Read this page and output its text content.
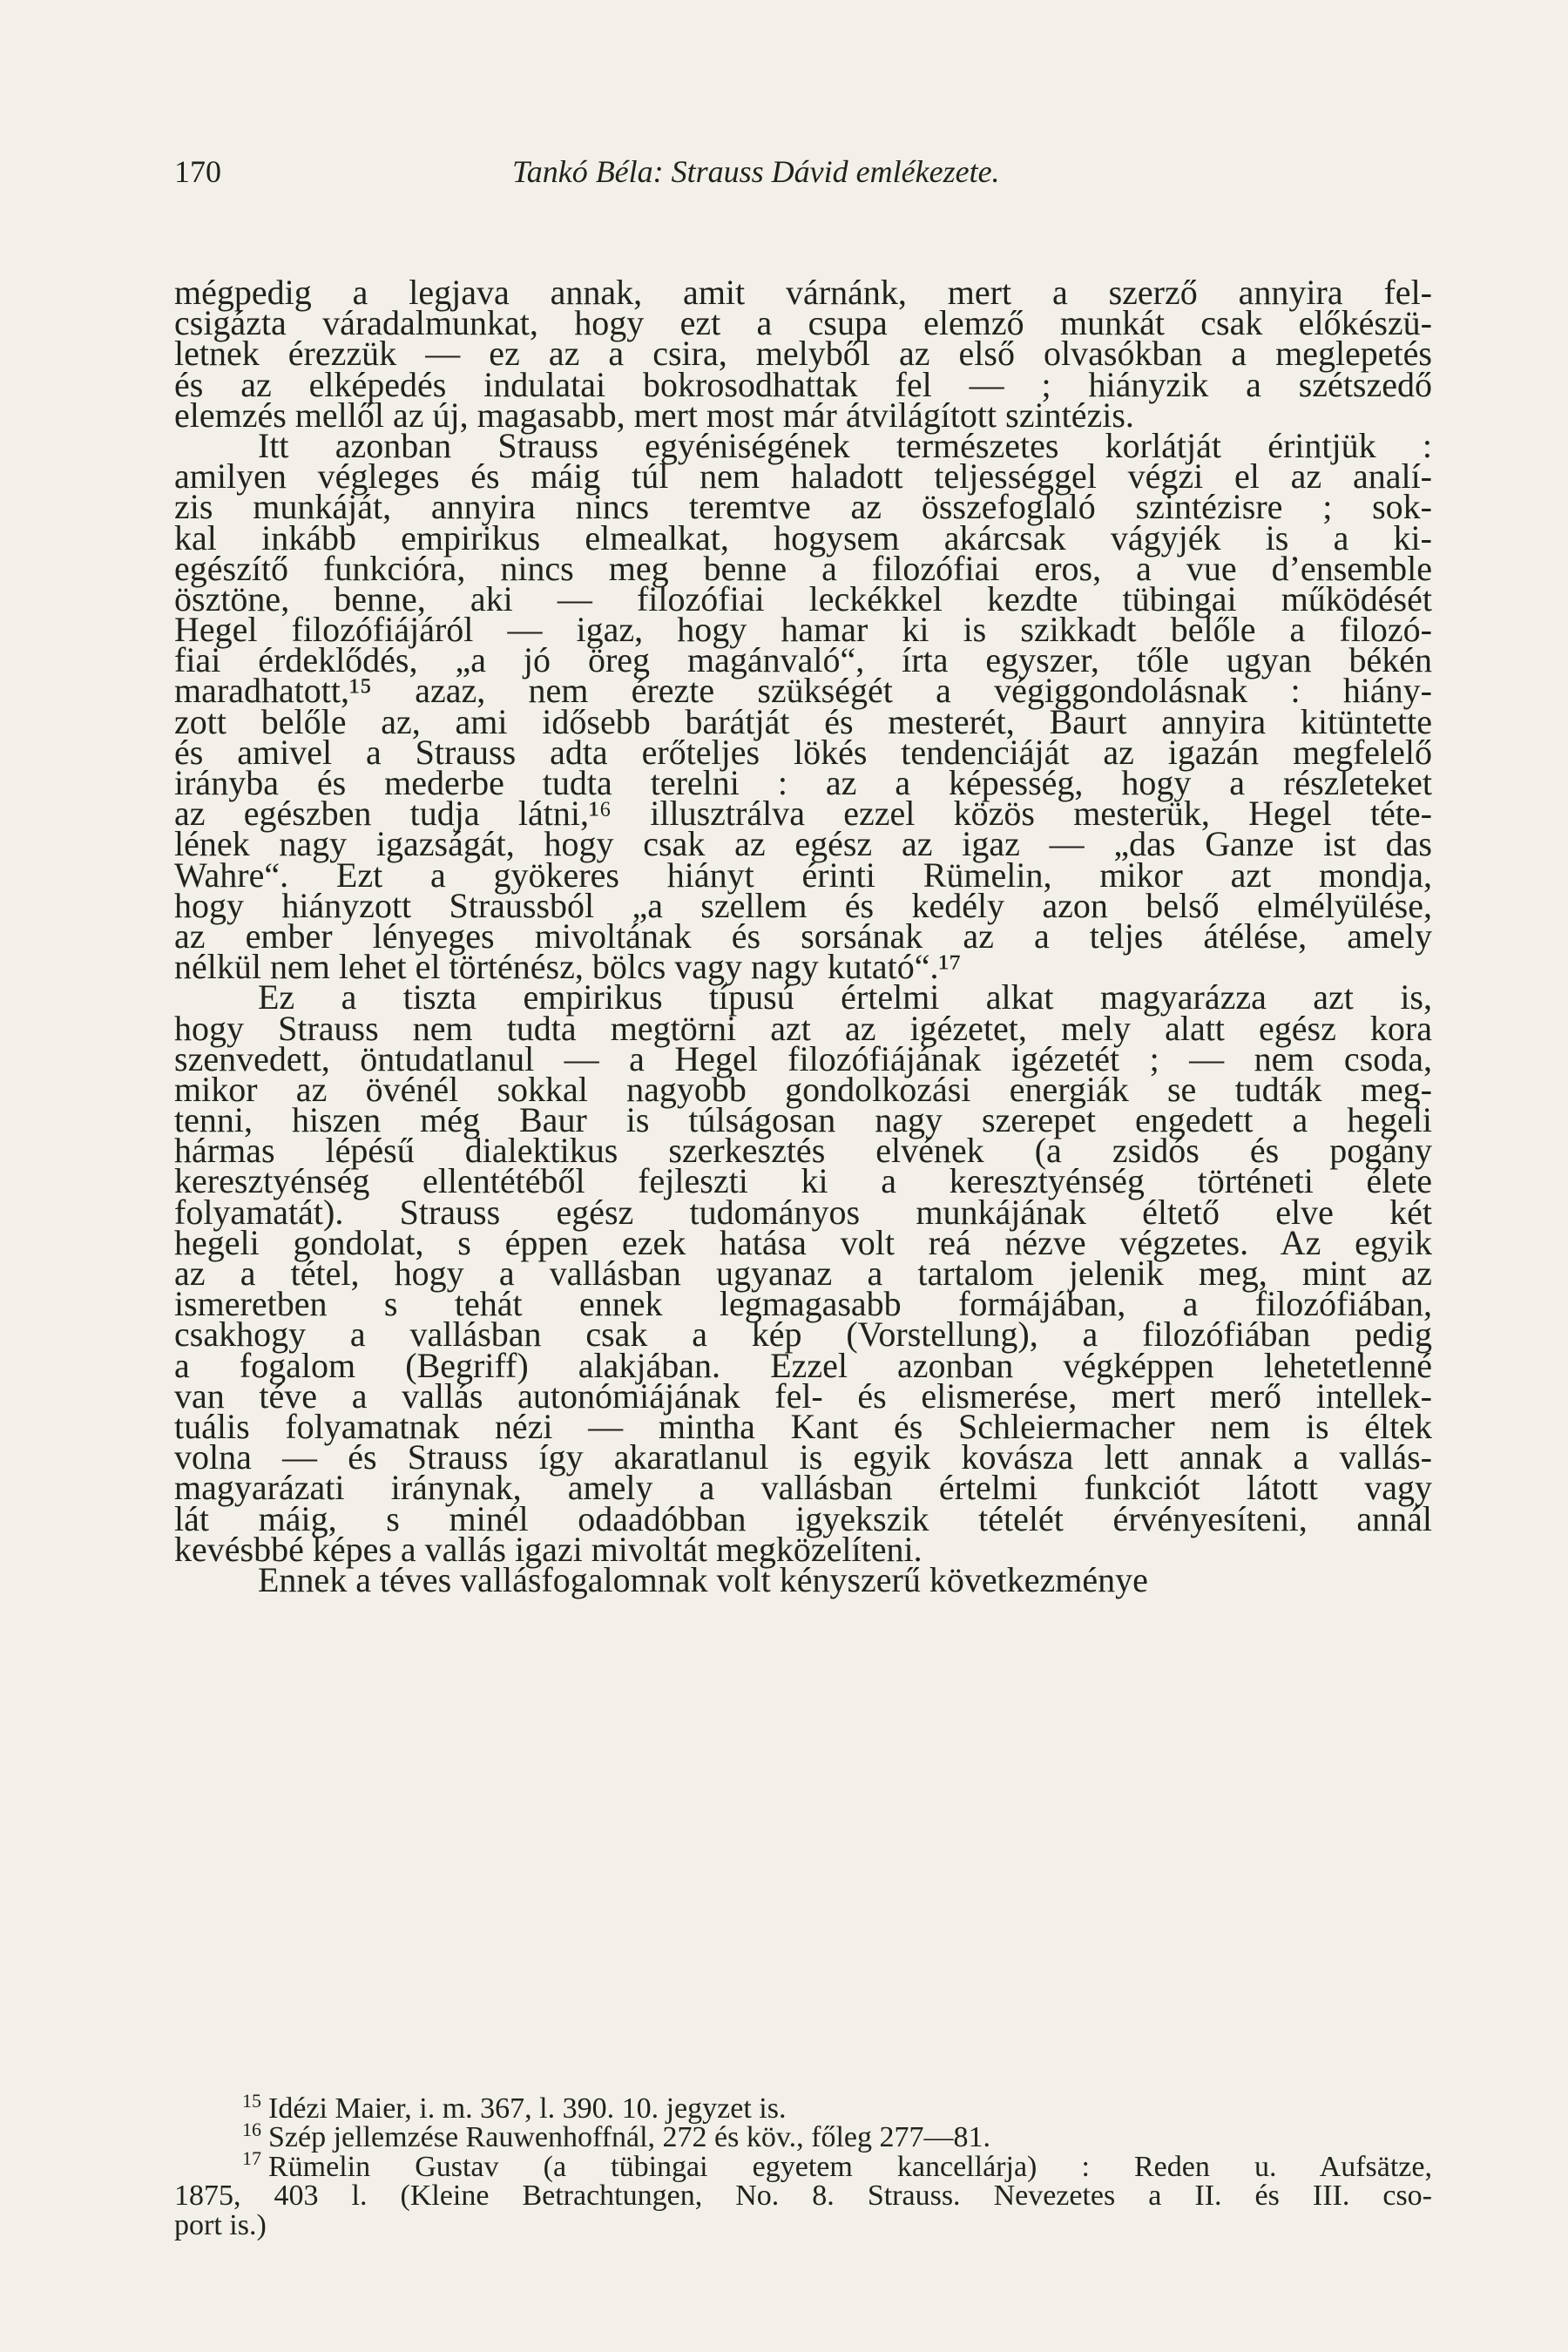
170	Tankó Béla: Strauss Dávid emlékezete.
mégpedig a legjava annak, amit várnánk, mert a szerző annyira fel-
csigázta váradalmunkat, hogy ezt a csupa elemző munkát csak előkészü-
letnek érezzük — ez az a csira, melyből az első olvasókban a meglepetés
és az elképedés indulatai bokrosodhattak fel — ; hiányzik a szétszedő
elemzés mellől az új, magasabb, mert most már átvilágított szintézis.
Itt azonban Strauss egyéniségének természetes korlátját érintjük :
amilyen végleges és máig túl nem haladott teljességgel végzi el az analí-
zis munkáját, annyira nincs teremtve az összefoglaló szintézisre ; sok-
kal inkább empirikus elmealkat, hogysem akárcsak vágyjék is a ki-
egészítő funkcióra, nincs meg benne a filozófiai eros, a vue d’ensemble
ösztöne, benne, aki — filozófiai leckékkel kezdte tübingai működését
Hegel filozófiájáról — igaz, hogy hamar ki is szikkadt belőle a filozó-
fiai érdeklődés, „a jó öreg magánvaló“, írta egyszer, tőle ugyan békén
maradhatott,¹⁵ azaz, nem érezte szükségét a végiggondolásnak : hiány-
zott belőle az, ami idősebb barátját és mesterét, Baurt annyira kitüntette
és amivel a Strauss adta erőteljes lökés tendenciáját az igazán megfelelő
irányba és mederbe tudta terelni : az a képesség, hogy a részleteket
az egészben tudja látni,¹⁶ illusztrálva ezzel közös mesterük, Hegel téte-
lének nagy igazságát, hogy csak az egész az igaz — „das Ganze ist das
Wahre“. Ezt a gyökeres hiányt érinti Rümelin, mikor azt mondja,
hogy hiányzott Straussból „a szellem és kedély azon belső elmélyülése,
az ember lényeges mivoltának és sorsának az a teljes átélése, amely
nélkül nem lehet el történész, bölcs vagy nagy kutató“.¹⁷
Ez a tiszta empirikus típusú értelmi alkat magyarázza azt is,
hogy Strauss nem tudta megtörni azt az igézetet, mely alatt egész kora
szenvedett, öntudatlanul — a Hegel filozófiájának igézetét ; — nem csoda,
mikor az övénél sokkal nagyobb gondolkozási energiák se tudták meg-
tenni, hiszen még Baur is túlságosan nagy szerepet engedett a hegeli
hármas lépésű dialektikus szerkesztés elvének (a zsidós és pogány
keresztyénség ellentétéből fejleszti ki a keresztyénség történeti élete
folyamatát). Strauss egész tudományos munkájának éltető elve két
hegeli gondolat, s éppen ezek hatása volt reá nézve végzetes. Az egyik
az a tétel, hogy a vallásban ugyanaz a tartalom jelenik meg, mint az
ismeretben s tehát ennek legmagasabb formájában, a filozófiában,
csakhogy a vallásban csak a kép (Vorstellung), a filozófiában pedig
a fogalom (Begriff) alakjában. Ezzel azonban végképpen lehetetlenné
van téve a vallás autonómiájának fel- és elismerése, mert merő intellek-
tuális folyamatnak nézi — mintha Kant és Schleiermacher nem is éltek
volna — és Strauss így akaratlanul is egyik kovásza lett annak a vallás-
magyarázati iránynak, amely a vallásban értelmi funkciót látott vagy
lát máig, s minél odaadóbban igyekszik tételét érvényesíteni, annál
kevésbbé képes a vallás igazi mivoltát megközelíteni.
Ennek a téves vallásfogalomnak volt kényszerű következménye
15 Idézi Maier, i. m. 367, l. 390. 10. jegyzet is.
16 Szép jellemzése Rauwenhoffnál, 272 és köv., főleg 277—81.
17 Rümelin Gustav (a tübingai egyetem kancellárja) : Reden u. Aufsätze,
1875, 403 l. (Kleine Betrachtungen, No. 8. Strauss. Nevezetes a II. és III. cso-
port is.)
